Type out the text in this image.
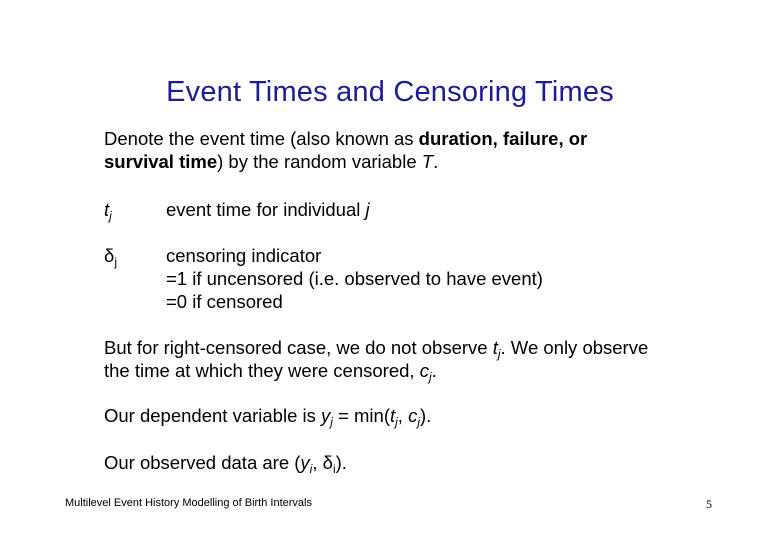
Event Times and Censoring Times
Denote the event time (also known as duration, failure, or
survival time) by the random variable T.
$t_j$	event time for individual j
$\delta_j$	censoring indicator
=1 if uncensored (i.e. observed to have event)
=0 if censored
But for right-censored case, we do not observe $t_j$. We only observe
the time at which they were censored, $c_j$.
Our dependent variable is $y_j = \min(t_j$, $c_j$).
Our observed data are ($y_i$, $\delta_i$).
Multilevel Event History Modelling of Birth Intervals	5
